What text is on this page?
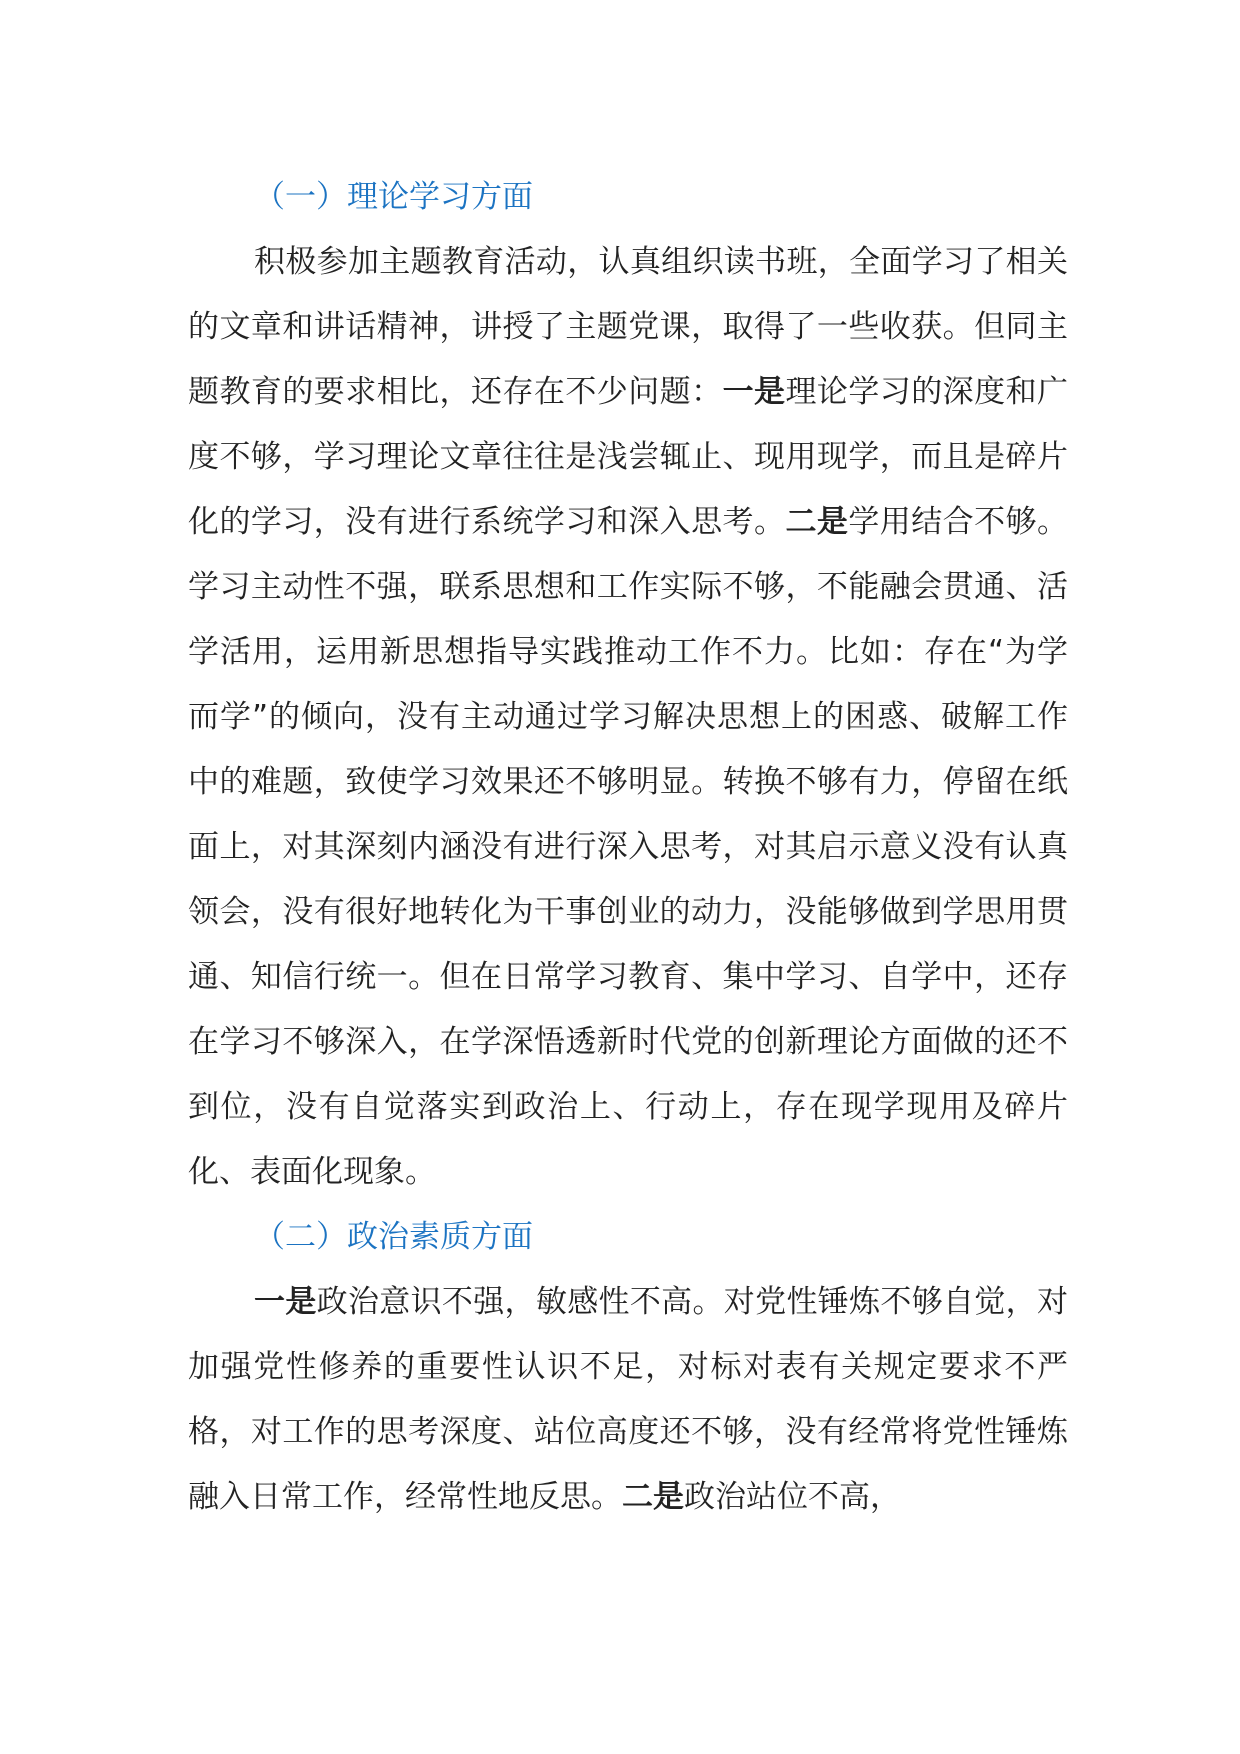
（一）理论学习方面

积极参加主题教育活动，认真组织读书班，全面学习了相关的文章和讲话精神，讲授了主题党课，取得了一些收获。但同主题教育的要求相比，还存在不少问题：一是理论学习的深度和广度不够，学习理论文章往往是浅尝辄止、现用现学，而且是碎片化的学习，没有进行系统学习和深入思考。二是学用结合不够。学习主动性不强，联系思想和工作实际不够，不能融会贯通、活学活用，运用新思想指导实践推动工作不力。比如：存在“为学而学”的倾向，没有主动通过学习解决思想上的困惑、破解工作中的难题，致使学习效果还不够明显。转换不够有力，停留在纸面上，对其深刻内涵没有进行深入思考，对其启示意义没有认真领会，没有很好地转化为干事创业的动力，没能够做到学思用贯通、知信行统一。但在日常学习教育、集中学习、自学中，还存在学习不够深入，在学深悟透新时代党的创新理论方面做的还不到位，没有自觉落实到政治上、行动上，存在现学现用及碎片化、表面化现象。

（二）政治素质方面

一是政治意识不强，敏感性不高。对党性锤炼不够自觉，对加强党性修养的重要性认识不足，对标对表有关规定要求不严格，对工作的思考深度、站位高度还不够，没有经常将党性锤炼融入日常工作，经常性地反思。二是政治站位不高，
